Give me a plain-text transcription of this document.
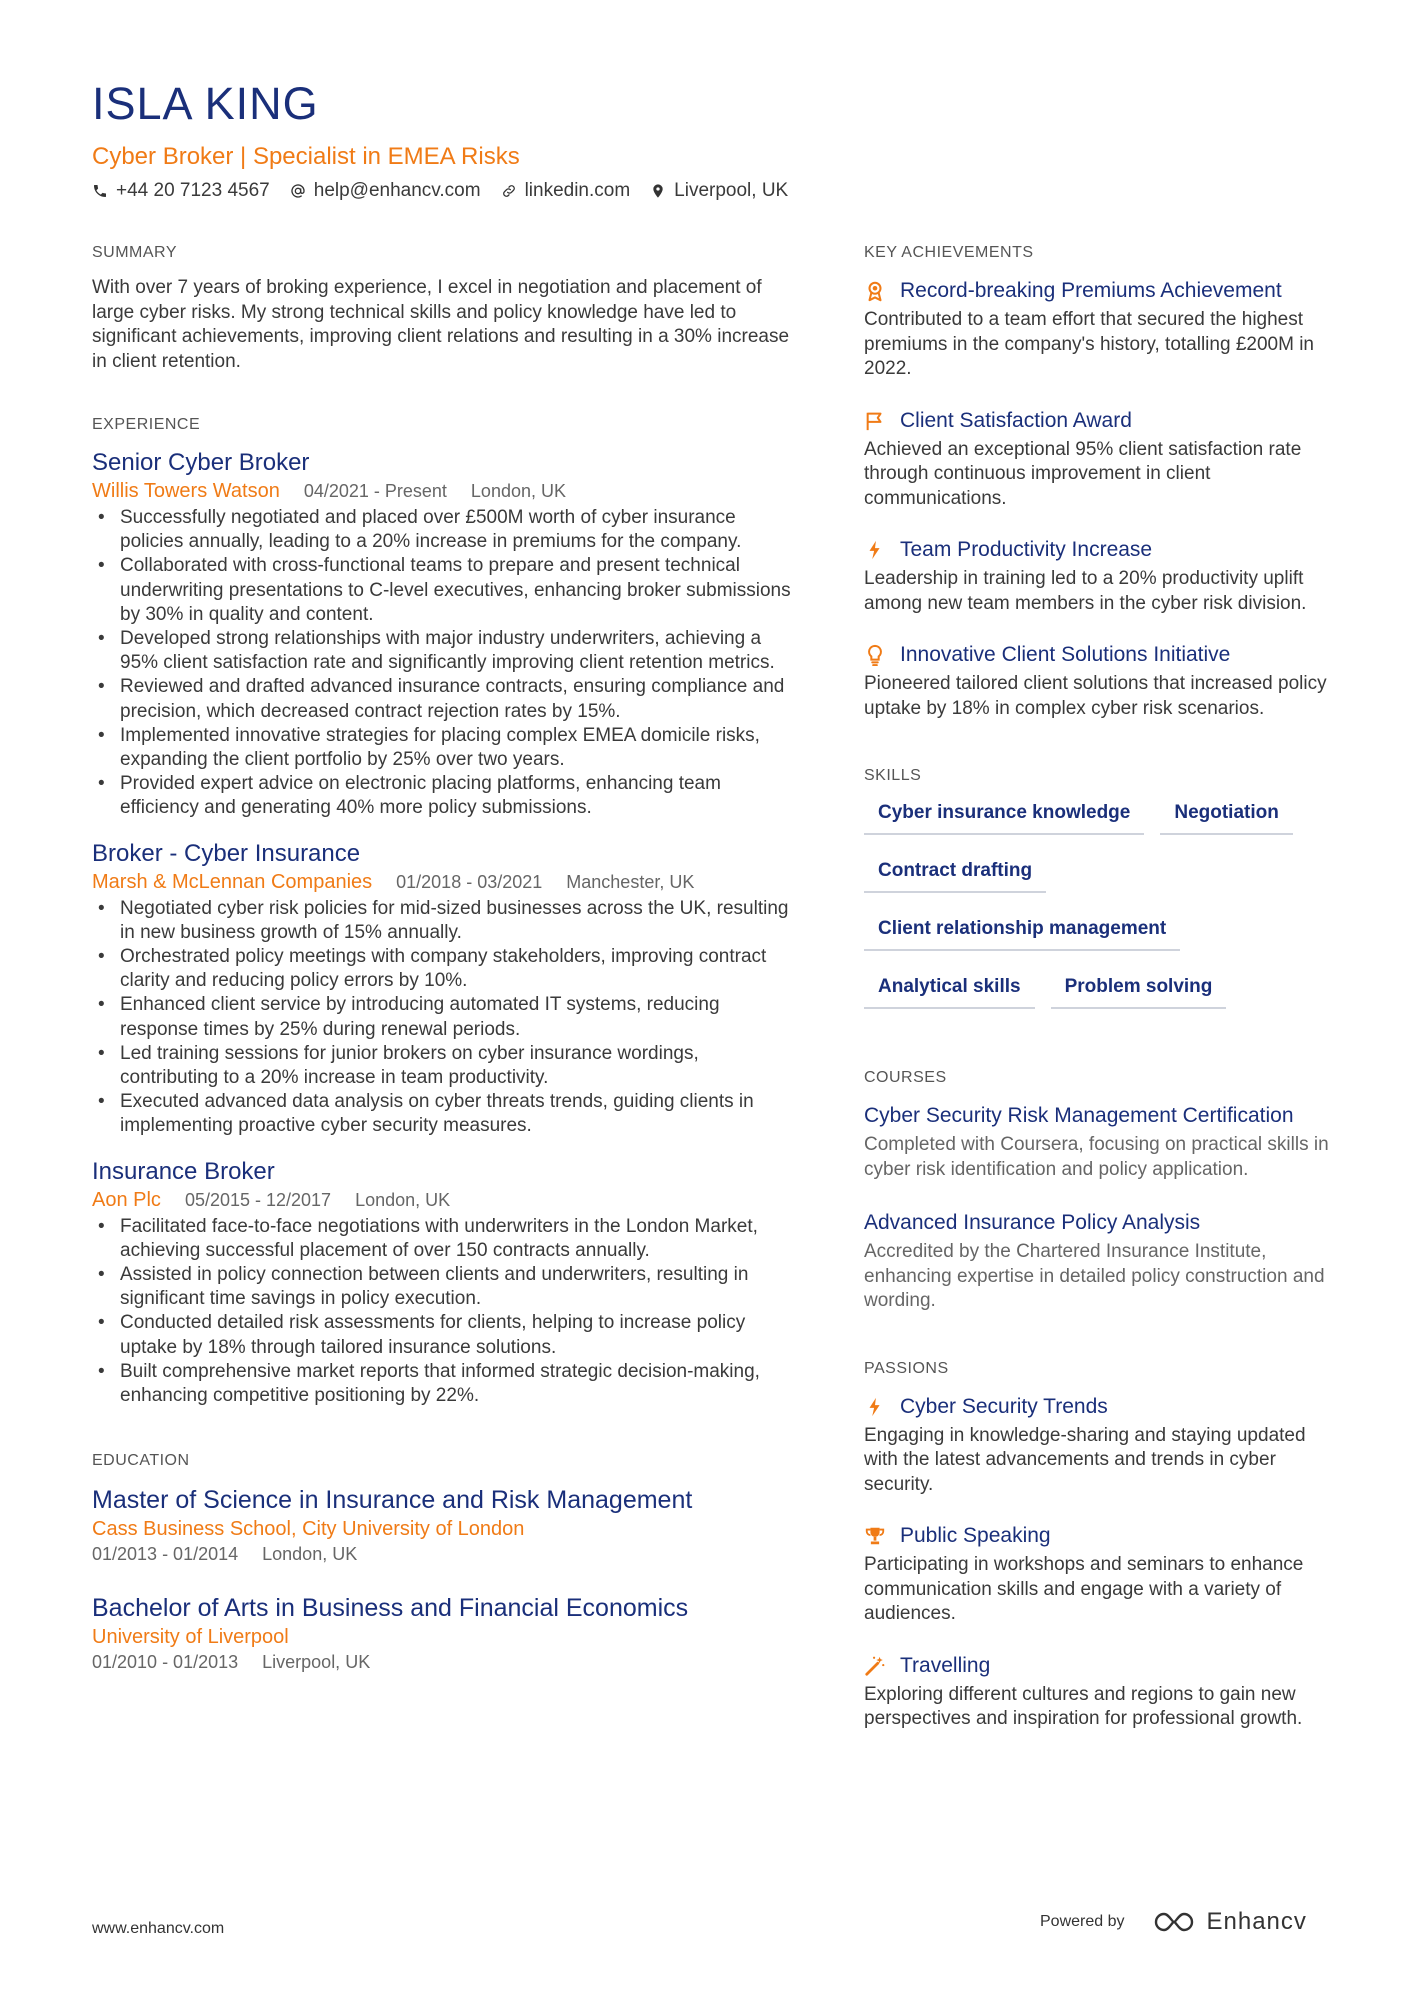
ISLA KING
Cyber Broker | Specialist in EMEA Risks
+44 20 7123 4567 help@enhancv.com linkedin.com Liverpool, UK
SUMMARY
With over 7 years of broking experience, I excel in negotiation and placement of large cyber risks. My strong technical skills and policy knowledge have led to significant achievements, improving client relations and resulting in a 30% increase in client retention.
EXPERIENCE
Senior Cyber Broker
Willis Towers Watson 04/2021 - Present London, UK
• Successfully negotiated and placed over £500M worth of cyber insurance policies annually, leading to a 20% increase in premiums for the company.
• Collaborated with cross-functional teams to prepare and present technical underwriting presentations to C-level executives, enhancing broker submissions by 30% in quality and content.
• Developed strong relationships with major industry underwriters, achieving a 95% client satisfaction rate and significantly improving client retention metrics.
• Reviewed and drafted advanced insurance contracts, ensuring compliance and precision, which decreased contract rejection rates by 15%.
• Implemented innovative strategies for placing complex EMEA domicile risks, expanding the client portfolio by 25% over two years.
• Provided expert advice on electronic placing platforms, enhancing team efficiency and generating 40% more policy submissions.
Broker - Cyber Insurance
Marsh & McLennan Companies 01/2018 - 03/2021 Manchester, UK
• Negotiated cyber risk policies for mid-sized businesses across the UK, resulting in new business growth of 15% annually.
• Orchestrated policy meetings with company stakeholders, improving contract clarity and reducing policy errors by 10%.
• Enhanced client service by introducing automated IT systems, reducing response times by 25% during renewal periods.
• Led training sessions for junior brokers on cyber insurance wordings, contributing to a 20% increase in team productivity.
• Executed advanced data analysis on cyber threats trends, guiding clients in implementing proactive cyber security measures.
Insurance Broker
Aon Plc 05/2015 - 12/2017 London, UK
• Facilitated face-to-face negotiations with underwriters in the London Market, achieving successful placement of over 150 contracts annually.
• Assisted in policy connection between clients and underwriters, resulting in significant time savings in policy execution.
• Conducted detailed risk assessments for clients, helping to increase policy uptake by 18% through tailored insurance solutions.
• Built comprehensive market reports that informed strategic decision-making, enhancing competitive positioning by 22%.
EDUCATION
Master of Science in Insurance and Risk Management
Cass Business School, City University of London
01/2013 - 01/2014 London, UK
Bachelor of Arts in Business and Financial Economics
University of Liverpool
01/2010 - 01/2013 Liverpool, UK
KEY ACHIEVEMENTS
Record-breaking Premiums Achievement
Contributed to a team effort that secured the highest premiums in the company's history, totalling £200M in 2022.
Client Satisfaction Award
Achieved an exceptional 95% client satisfaction rate through continuous improvement in client communications.
Team Productivity Increase
Leadership in training led to a 20% productivity uplift among new team members in the cyber risk division.
Innovative Client Solutions Initiative
Pioneered tailored client solutions that increased policy uptake by 18% in complex cyber risk scenarios.
SKILLS
Cyber insurance knowledge	Negotiation
Contract drafting
Client relationship management
Analytical skills	Problem solving
COURSES
Cyber Security Risk Management Certification
Completed with Coursera, focusing on practical skills in cyber risk identification and policy application.
Advanced Insurance Policy Analysis
Accredited by the Chartered Insurance Institute, enhancing expertise in detailed policy construction and wording.
PASSIONS
Cyber Security Trends
Engaging in knowledge-sharing and staying updated with the latest advancements and trends in cyber security.
Public Speaking
Participating in workshops and seminars to enhance communication skills and engage with a variety of audiences.
Travelling
Exploring different cultures and regions to gain new perspectives and inspiration for professional growth.
www.enhancv.com	Powered by	Enhancv
